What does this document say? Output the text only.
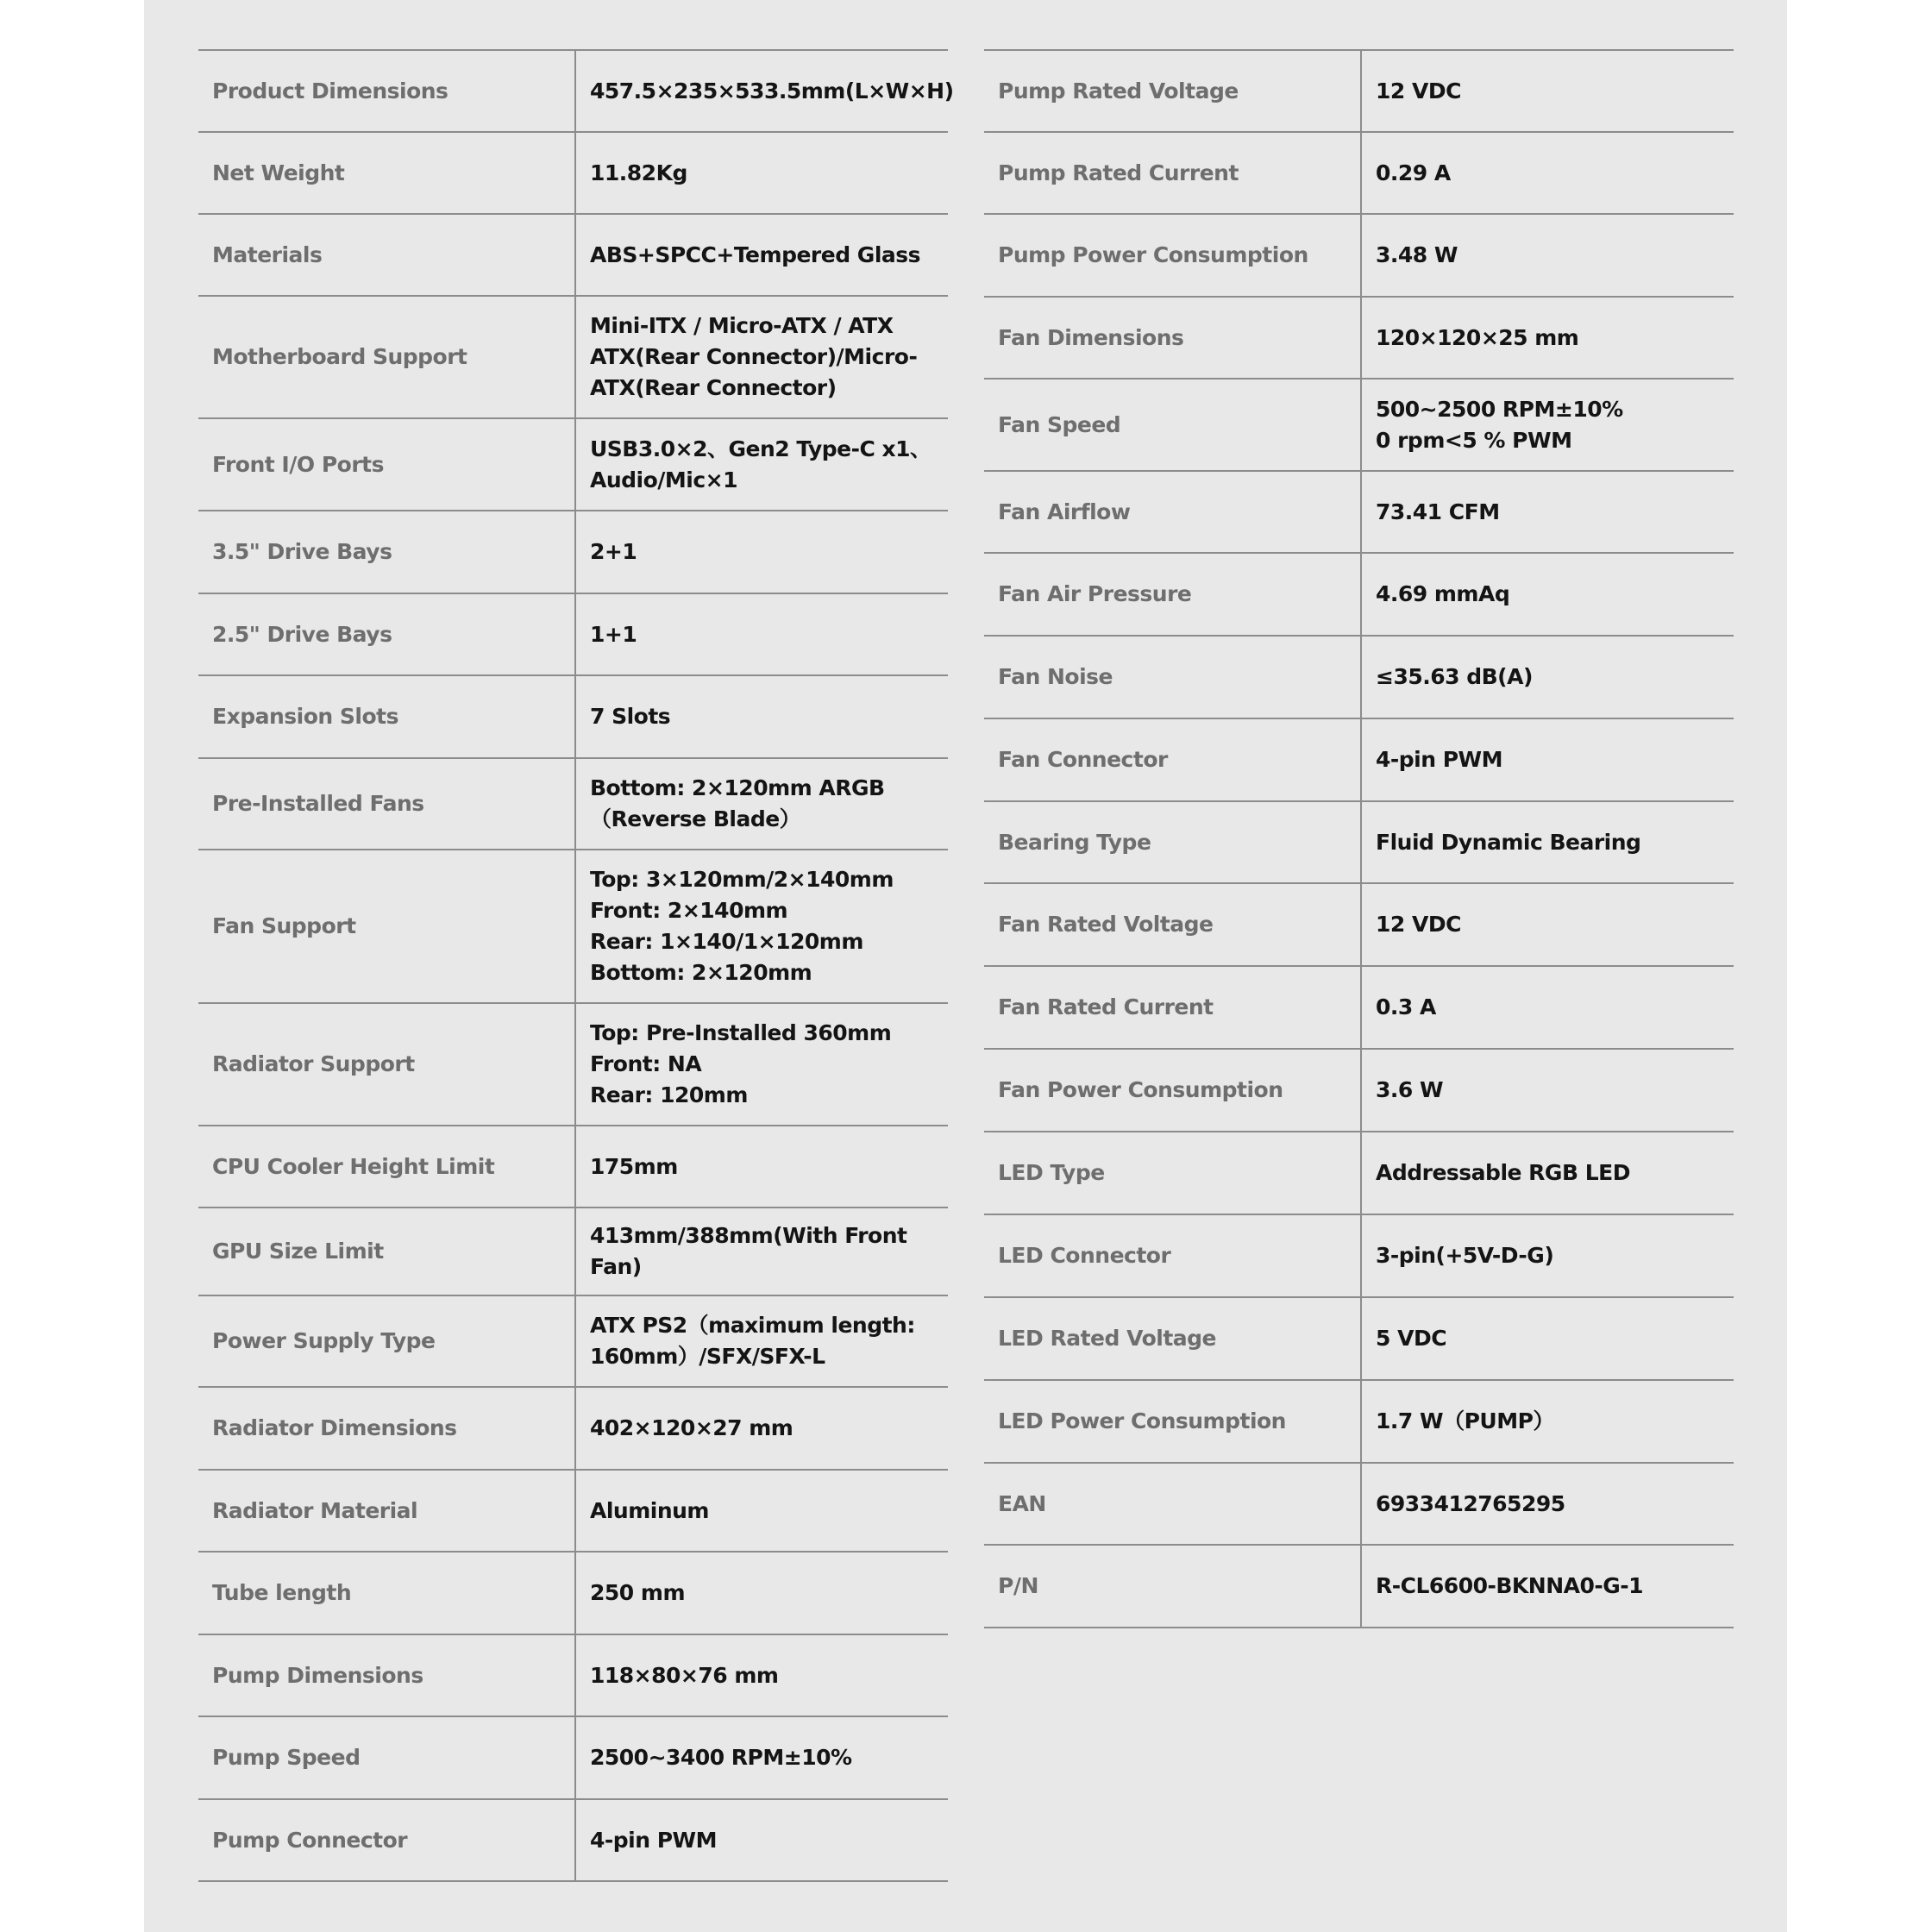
Product Dimensions	457.5×235×533.5mm(L×W×H)
Net Weight	11.82Kg
Materials	ABS+SPCC+Tempered Glass
Motherboard Support	Mini-ITX / Micro-ATX / ATX
ATX(Rear Connector)/Micro-
ATX(Rear Connector)
Front I/O Ports	USB3.0×2、Gen2 Type-C x1、
Audio/Mic×1
3.5" Drive Bays	2+1
2.5" Drive Bays	1+1
Expansion Slots	7 Slots
Pre-Installed Fans	Bottom: 2×120mm ARGB
（Reverse Blade）
Fan Support	Top: 3×120mm/2×140mm
Front: 2×140mm
Rear: 1×140/1×120mm
Bottom: 2×120mm
Radiator Support	Top: Pre-Installed 360mm
Front: NA
Rear: 120mm
CPU Cooler Height Limit	175mm
GPU Size Limit	413mm/388mm(With Front Fan)
Power Supply Type	ATX PS2（maximum length:
160mm）/SFX/SFX-L
Radiator Dimensions	402×120×27 mm
Radiator Material	Aluminum
Tube length	250 mm
Pump Dimensions	118×80×76 mm
Pump Speed	2500~3400 RPM±10%
Pump Connector	4-pin PWM
Pump Rated Voltage	12 VDC
Pump Rated Current	0.29 A
Pump Power Consumption	3.48 W
Fan Dimensions	120×120×25 mm
Fan Speed	500~2500 RPM±10%
0 rpm<5 % PWM
Fan Airflow	73.41 CFM
Fan Air Pressure	4.69 mmAq
Fan Noise	≤35.63 dB(A)
Fan Connector	4-pin PWM
Bearing Type	Fluid Dynamic Bearing
Fan Rated Voltage	12 VDC
Fan Rated Current	0.3 A
Fan Power Consumption	3.6 W
LED Type	Addressable RGB LED
LED Connector	3-pin(+5V-D-G)
LED Rated Voltage	5 VDC
LED Power Consumption	1.7 W（PUMP）
EAN	6933412765295
P/N	R-CL6600-BKNNA0-G-1
